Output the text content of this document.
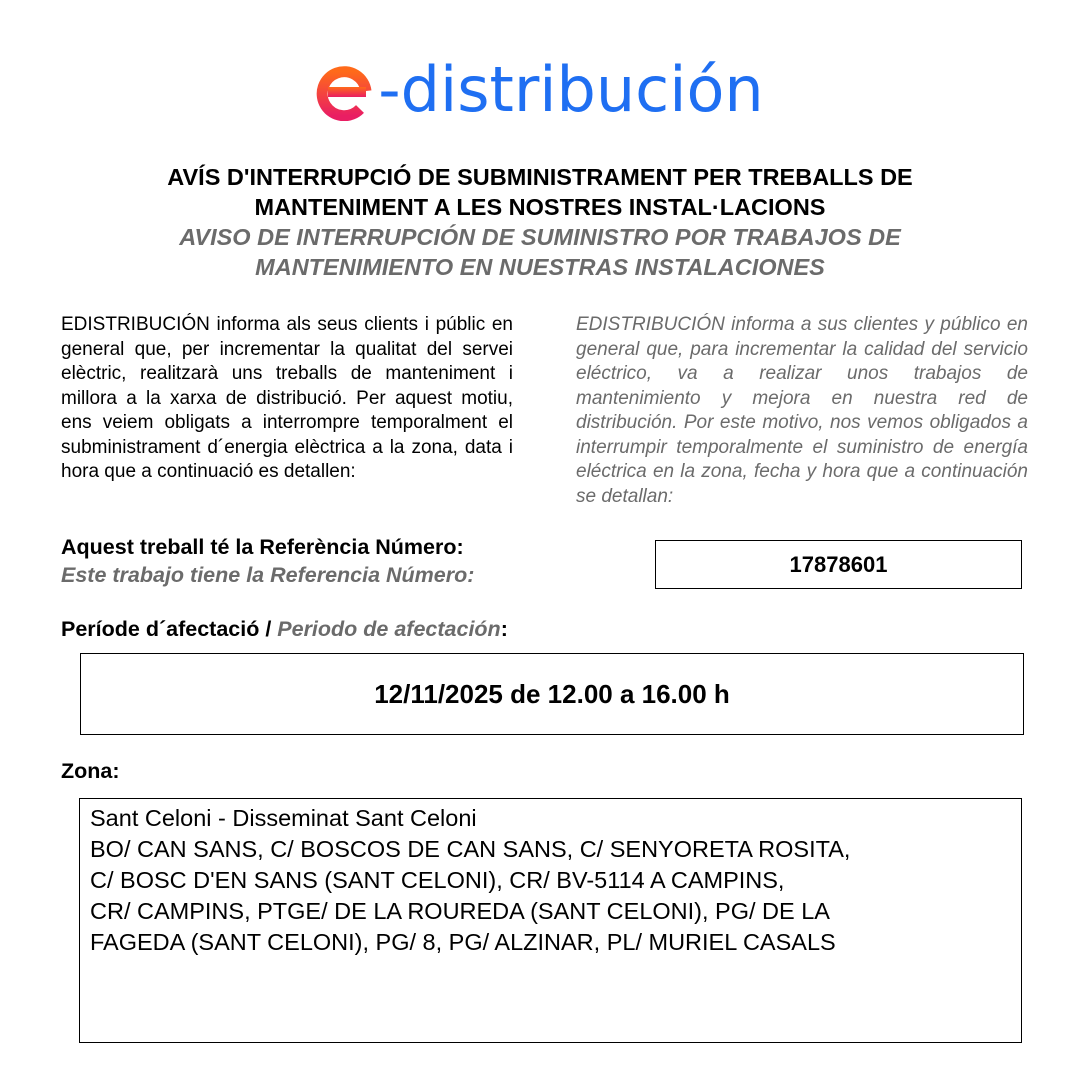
-distribución
AVÍS D'INTERRUPCIÓ DE SUBMINISTRAMENT PER TREBALLS DE
MANTENIMENT A LES NOSTRES INSTAL·LACIONS
AVISO DE INTERRUPCIÓN DE SUMINISTRO POR TRABAJOS DE
MANTENIMIENTO EN NUESTRAS INSTALACIONES
EDISTRIBUCIÓN informa als seus clients i públic en general que, per incrementar la qualitat del servei elèctric, realitzarà uns treballs de manteniment i millora a la xarxa de distribució. Per aquest motiu, ens veiem obligats a interrompre temporalment el subministrament d´energia elèctrica a la zona, data i hora que a continuació es detallen:
EDISTRIBUCIÓN informa a sus clientes y público en general que, para incrementar la calidad del servicio eléctrico, va a realizar unos trabajos de mantenimiento y mejora en nuestra red de distribución. Por este motivo, nos vemos obligados a interrumpir temporalmente el suministro de energía eléctrica en la zona, fecha y hora que a continuación se detallan:
Aquest treball té la Referència Número:
Este trabajo tiene la Referencia Número:	17878601
Període d´afectació / Periodo de afectación:
12/11/2025 de 12.00 a 16.00 h
Zona:
Sant Celoni - Disseminat Sant Celoni
BO/ CAN SANS, C/ BOSCOS DE CAN SANS, C/ SENYORETA ROSITA,
C/ BOSC D'EN SANS (SANT CELONI), CR/ BV-5114 A CAMPINS,
CR/ CAMPINS, PTGE/ DE LA ROUREDA (SANT CELONI), PG/ DE LA
FAGEDA (SANT CELONI), PG/ 8, PG/ ALZINAR, PL/ MURIEL CASALS
